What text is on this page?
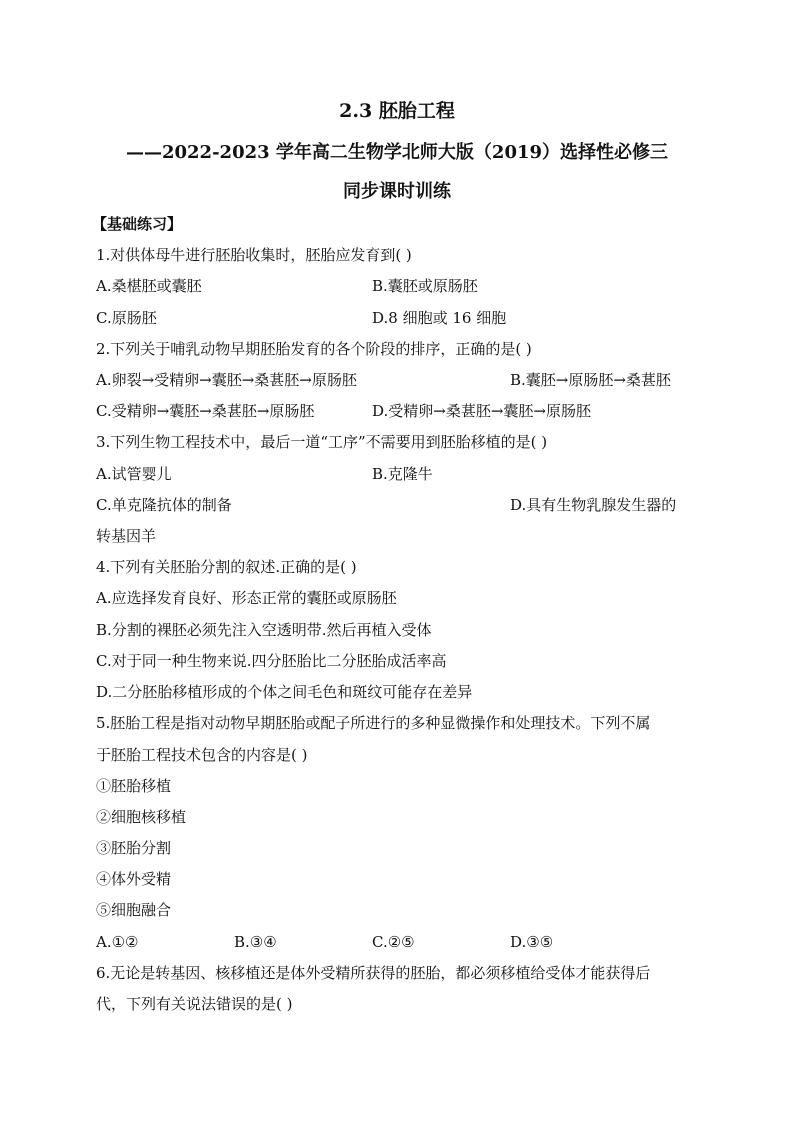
2.3 胚胎工程
——2022-2023 学年高二生物学北师大版（2019）选择性必修三
同步课时训练
【基础练习】
1.对供体母牛进行胚胎收集时，胚胎应发育到( )
A.桑椹胚或囊胚	B.囊胚或原肠胚
C.原肠胚	D.8 细胞或 16 细胞
2.下列关于哺乳动物早期胚胎发育的各个阶段的排序，正确的是( )
A.卵裂→受精卵→囊胚→桑葚胚→原肠胚	B.囊胚→原肠胚→桑葚胚
C.受精卵→囊胚→桑葚胚→原肠胚	D.受精卵→桑葚胚→囊胚→原肠胚
3.下列生物工程技术中，最后一道“工序”不需要用到胚胎移植的是( )
A.试管婴儿	B.克隆牛
C.单克隆抗体的制备	D.具有生物乳腺发生器的
转基因羊
4.下列有关胚胎分割的叙述.正确的是( )
A.应选择发育良好、形态正常的囊胚或原肠胚
B.分割的裸胚必须先注入空透明带.然后再植入受体
C.对于同一种生物来说.四分胚胎比二分胚胎成活率高
D.二分胚胎移植形成的个体之间毛色和斑纹可能存在差异
5.胚胎工程是指对动物早期胚胎或配子所进行的多种显微操作和处理技术。下列不属
于胚胎工程技术包含的内容是( )
①胚胎移植
②细胞核移植
③胚胎分割
④体外受精
⑤细胞融合
A.①②	B.③④	C.②⑤	D.③⑤
6.无论是转基因、核移植还是体外受精所获得的胚胎，都必须移植给受体才能获得后
代，下列有关说法错误的是( )
